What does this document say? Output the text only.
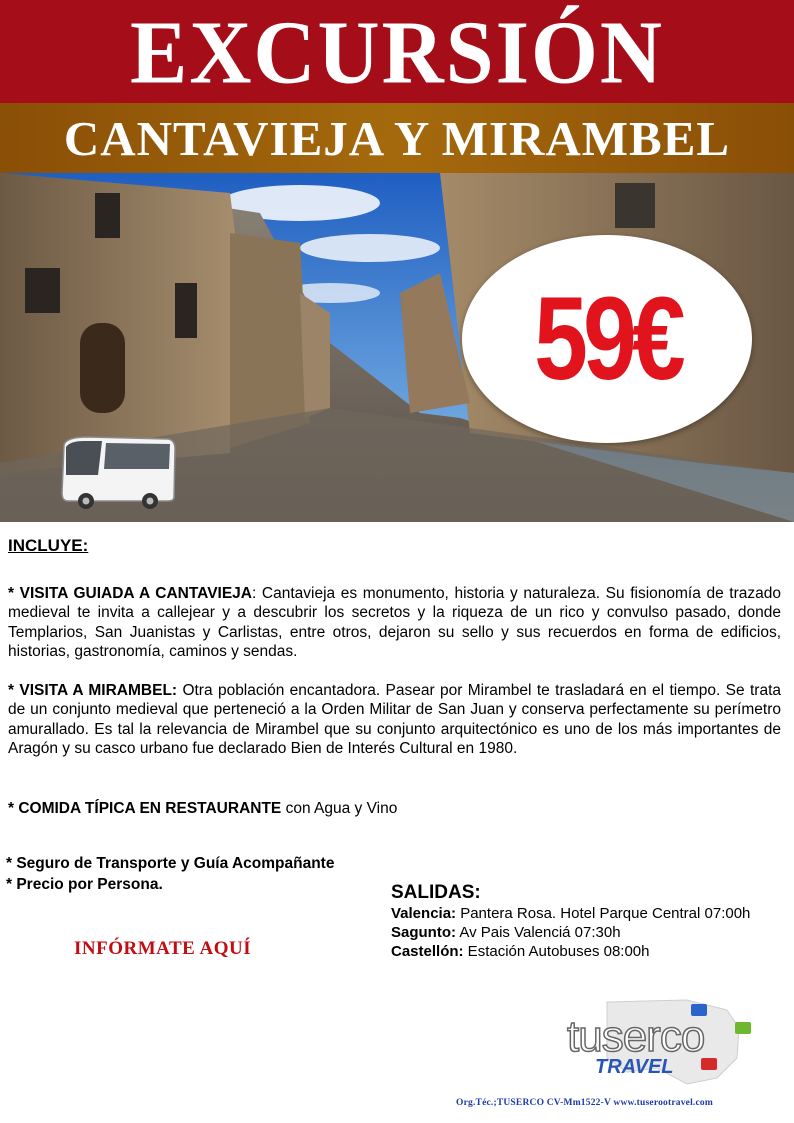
EXCURSIÓN
CANTAVIEJA Y MIRAMBEL
59€
INCLUYE:

* VISITA GUIADA A CANTAVIEJA: Cantavieja es monumento, historia y naturaleza. Su fisionomía de trazado medieval te invita a callejear y a descubrir los secretos y la riqueza de un rico y convulso pasado, donde Templarios, San Juanistas y Carlistas, entre otros, dejaron su sello y sus recuerdos en forma de edificios, historias, gastronomía, caminos y sendas.

* VISITA A MIRAMBEL: Otra población encantadora. Pasear por Mirambel te trasladará en el tiempo. Se trata de un conjunto medieval que perteneció a la Orden Militar de San Juan y conserva perfectamente su perímetro amurallado. Es tal la relevancia de Mirambel que su conjunto arquitectónico es uno de los más importantes de Aragón y su casco urbano fue declarado Bien de Interés Cultural en 1980.

* COMIDA TÍPICA EN RESTAURANTE con Agua y Vino

* Seguro de Transporte y Guía Acompañante
* Precio por Persona.	SALIDAS:
Valencia: Pantera Rosa. Hotel Parque Central 07:00h
Sagunto: Av Pais Valenciá 07:30h
Castellón: Estación Autobuses 08:00h
INFÓRMATE AQUÍ
tuserco
TRAVEL
Org.Téc.;TUSERCO CV-Mm1522-V www.tuserootravel.com
